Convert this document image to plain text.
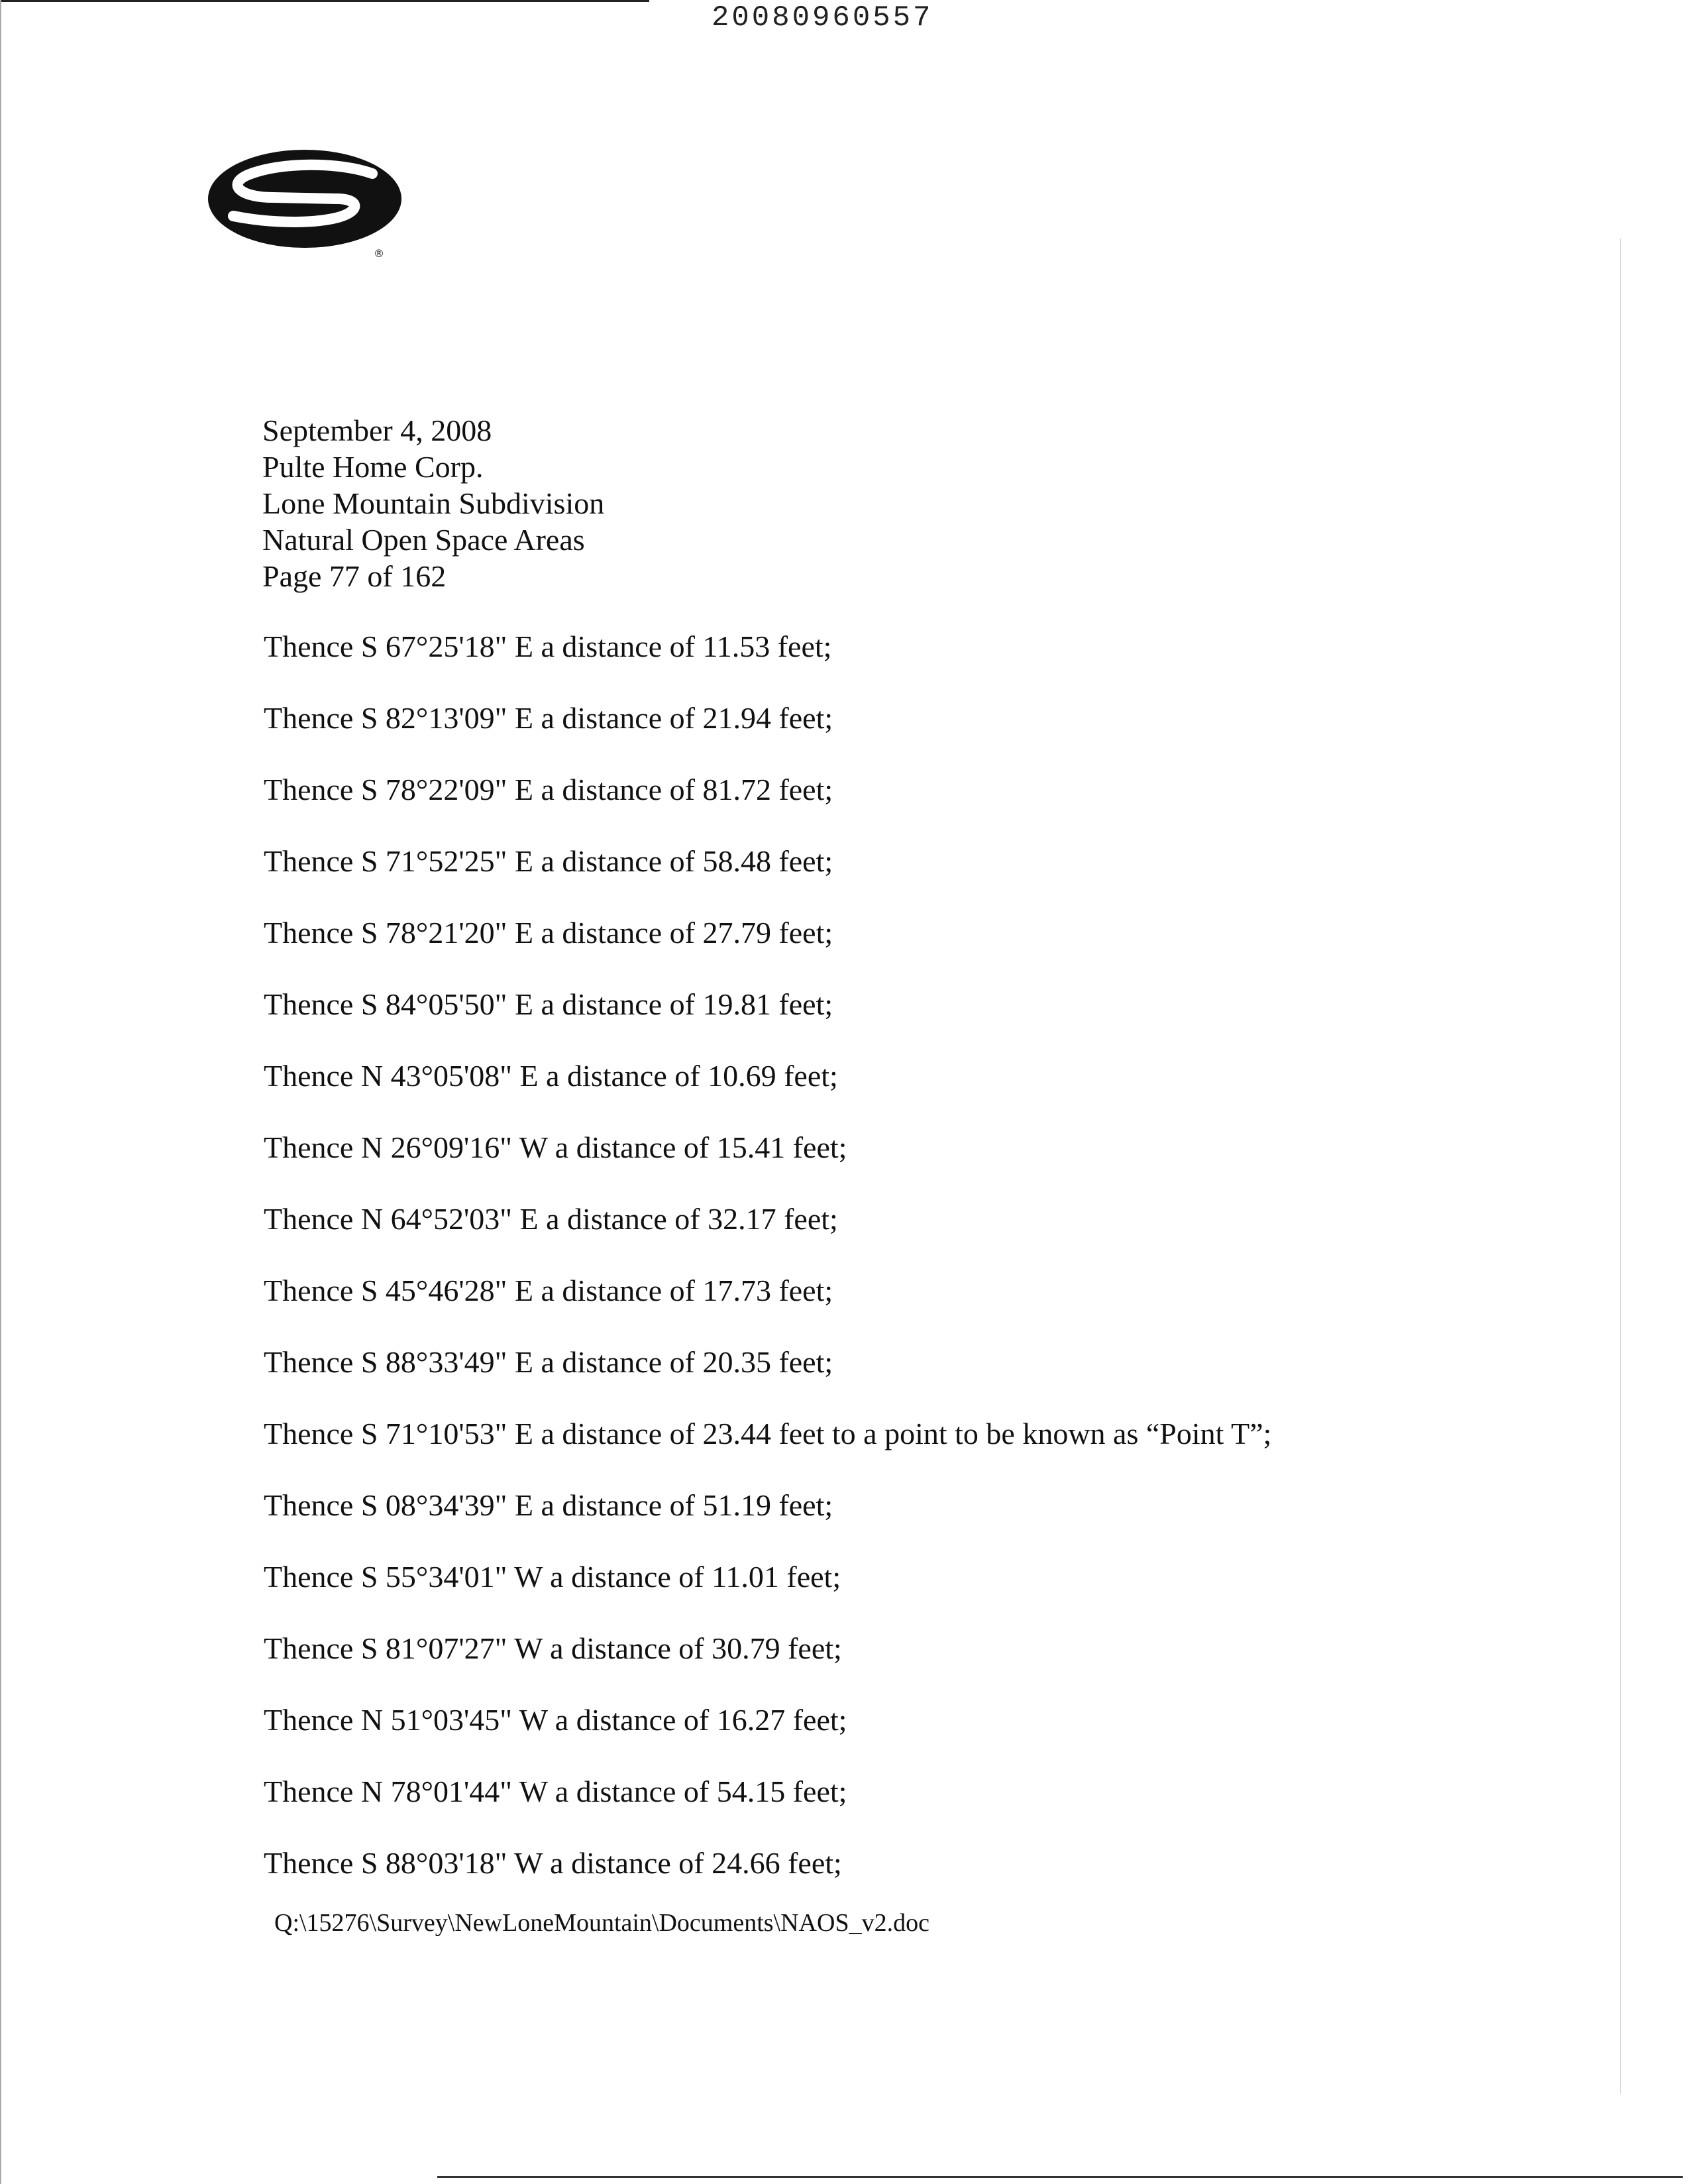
20080960557
®
September 4, 2008
Pulte Home Corp.
Lone Mountain Subdivision
Natural Open Space Areas
Page 77 of 162
Thence S 67°25'18" E a distance of 11.53 feet;
Thence S 82°13'09" E a distance of 21.94 feet;
Thence S 78°22'09" E a distance of 81.72 feet;
Thence S 71°52'25" E a distance of 58.48 feet;
Thence S 78°21'20" E a distance of 27.79 feet;
Thence S 84°05'50" E a distance of 19.81 feet;
Thence N 43°05'08" E a distance of 10.69 feet;
Thence N 26°09'16" W a distance of 15.41 feet;
Thence N 64°52'03" E a distance of 32.17 feet;
Thence S 45°46'28" E a distance of 17.73 feet;
Thence S 88°33'49" E a distance of 20.35 feet;
Thence S 71°10'53" E a distance of 23.44 feet to a point to be known as “Point T”;
Thence S 08°34'39" E a distance of 51.19 feet;
Thence S 55°34'01" W a distance of 11.01 feet;
Thence S 81°07'27" W a distance of 30.79 feet;
Thence N 51°03'45" W a distance of 16.27 feet;
Thence N 78°01'44" W a distance of 54.15 feet;
Thence S 88°03'18" W a distance of 24.66 feet;
Q:\15276\Survey\NewLoneMountain\Documents\NAOS_v2.doc
